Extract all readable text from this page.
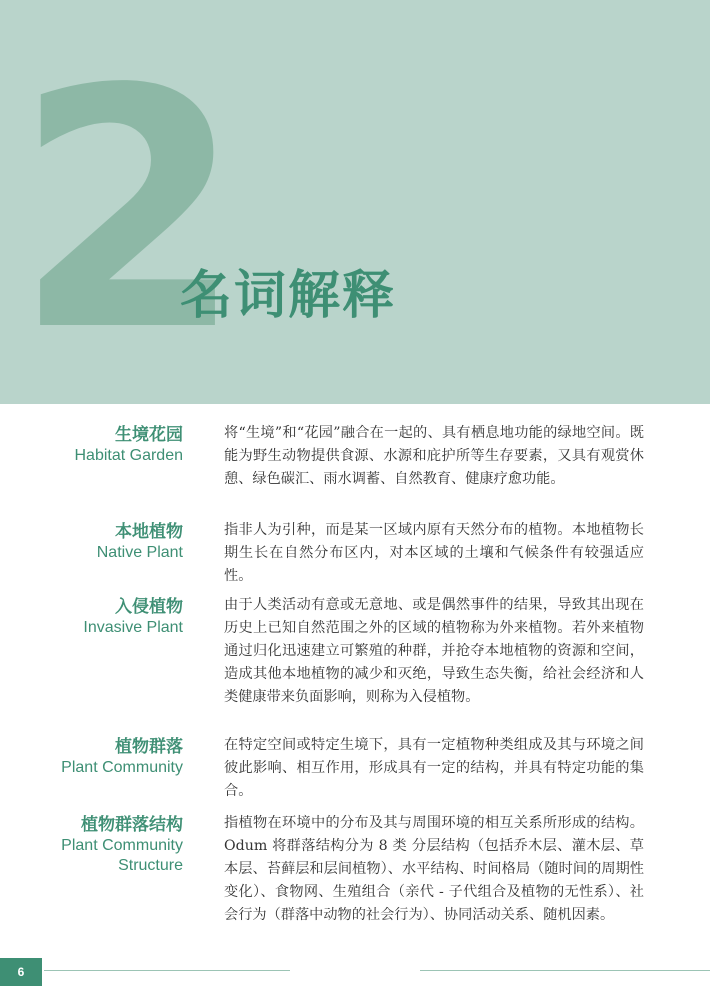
2
名词解释
生境花园
Habitat Garden
将“生境”和“花园”融合在一起的、具有栖息地功能的绿地空间。既能为野生动物提供食源、水源和庇护所等生存要素，又具有观赏休憩、绿色碳汇、雨水调蓄、自然教育、健康疗愈功能。
本地植物
Native Plant
指非人为引种，而是某一区域内原有天然分布的植物。本地植物长期生长在自然分布区内，对本区域的土壤和气候条件有较强适应性。
入侵植物
Invasive Plant
由于人类活动有意或无意地、或是偶然事件的结果，导致其出现在历史上已知自然范围之外的区域的植物称为外来植物。若外来植物通过归化迅速建立可繁殖的种群，并抢夺本地植物的资源和空间，造成其他本地植物的减少和灭绝，导致生态失衡，给社会经济和人类健康带来负面影响，则称为入侵植物。
植物群落
Plant Community
在特定空间或特定生境下，具有一定植物种类组成及其与环境之间彼此影响、相互作用，形成具有一定的结构，并具有特定功能的集合。
植物群落结构
Plant Community
Structure
指植物在环境中的分布及其与周围环境的相互关系所形成的结构。Odum 将群落结构分为 8 类 分层结构（包括乔木层、灌木层、草本层、苔藓层和层间植物）、水平结构、时间格局（随时间的周期性变化）、食物网、生殖组合（亲代 - 子代组合及植物的无性系）、社会行为（群落中动物的社会行为）、协同活动关系、随机因素。
6
